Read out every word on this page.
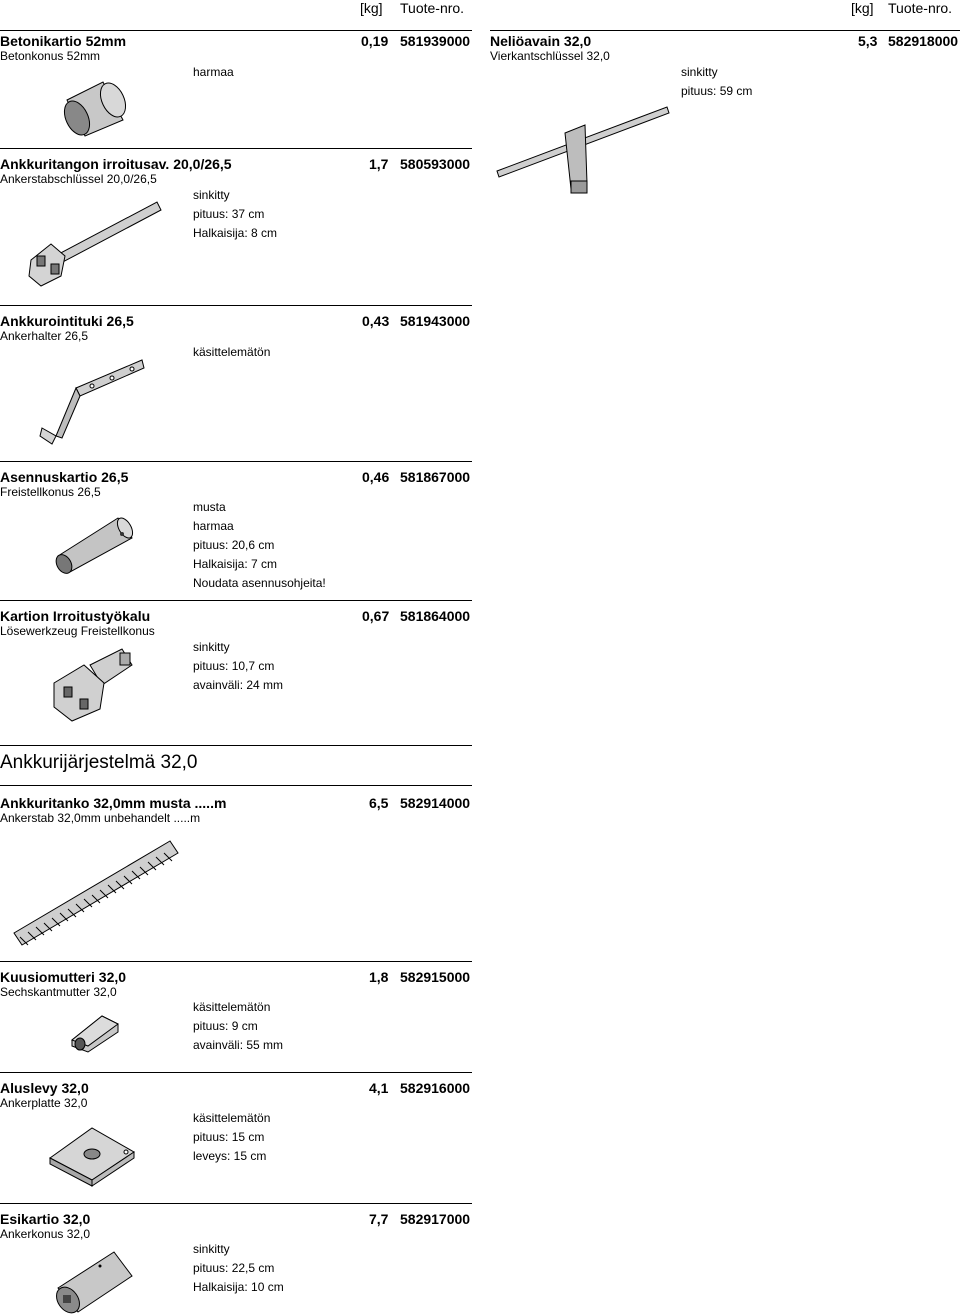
[kg] Tuote-nro.	[kg] Tuote-nro.
Betonikartio 52mm
Betonkonus 52mm
0,19 581939000
harmaa
Neliöavain 32,0
Vierkantschlüssel 32,0
5,3 582918000
sinkitty
pituus: 59 cm
Ankkuritangon irroitusav. 20,0/26,5
Ankerstabschlüssel 20,0/26,5
1,7 580593000
sinkitty
pituus: 37 cm
Halkaisija: 8 cm
Ankkurointituki 26,5
Ankerhalter 26,5
0,43 581943000
käsittelemätön
Asennuskartio 26,5
Freistellkonus 26,5
0,46 581867000
musta
harmaa
pituus: 20,6 cm
Halkaisija: 7 cm
Noudata asennusohjeita!
Kartion Irroitustyökalu
Lösewerkzeug Freistellkonus
0,67 581864000
sinkitty
pituus: 10,7 cm
avainväli: 24 mm
Ankkurijärjestelmä 32,0
Ankkuritanko 32,0mm musta .....m
Ankerstab 32,0mm unbehandelt .....m
6,5 582914000
Kuusiomutteri 32,0
Sechskantmutter 32,0
1,8 582915000
käsittelemätön
pituus: 9 cm
avainväli: 55 mm
Aluslevy 32,0
Ankerplatte 32,0
4,1 582916000
käsittelemätön
pituus: 15 cm
leveys: 15 cm
Esikartio 32,0
Ankerkonus 32,0
7,7 582917000
sinkitty
pituus: 22,5 cm
Halkaisija: 10 cm
